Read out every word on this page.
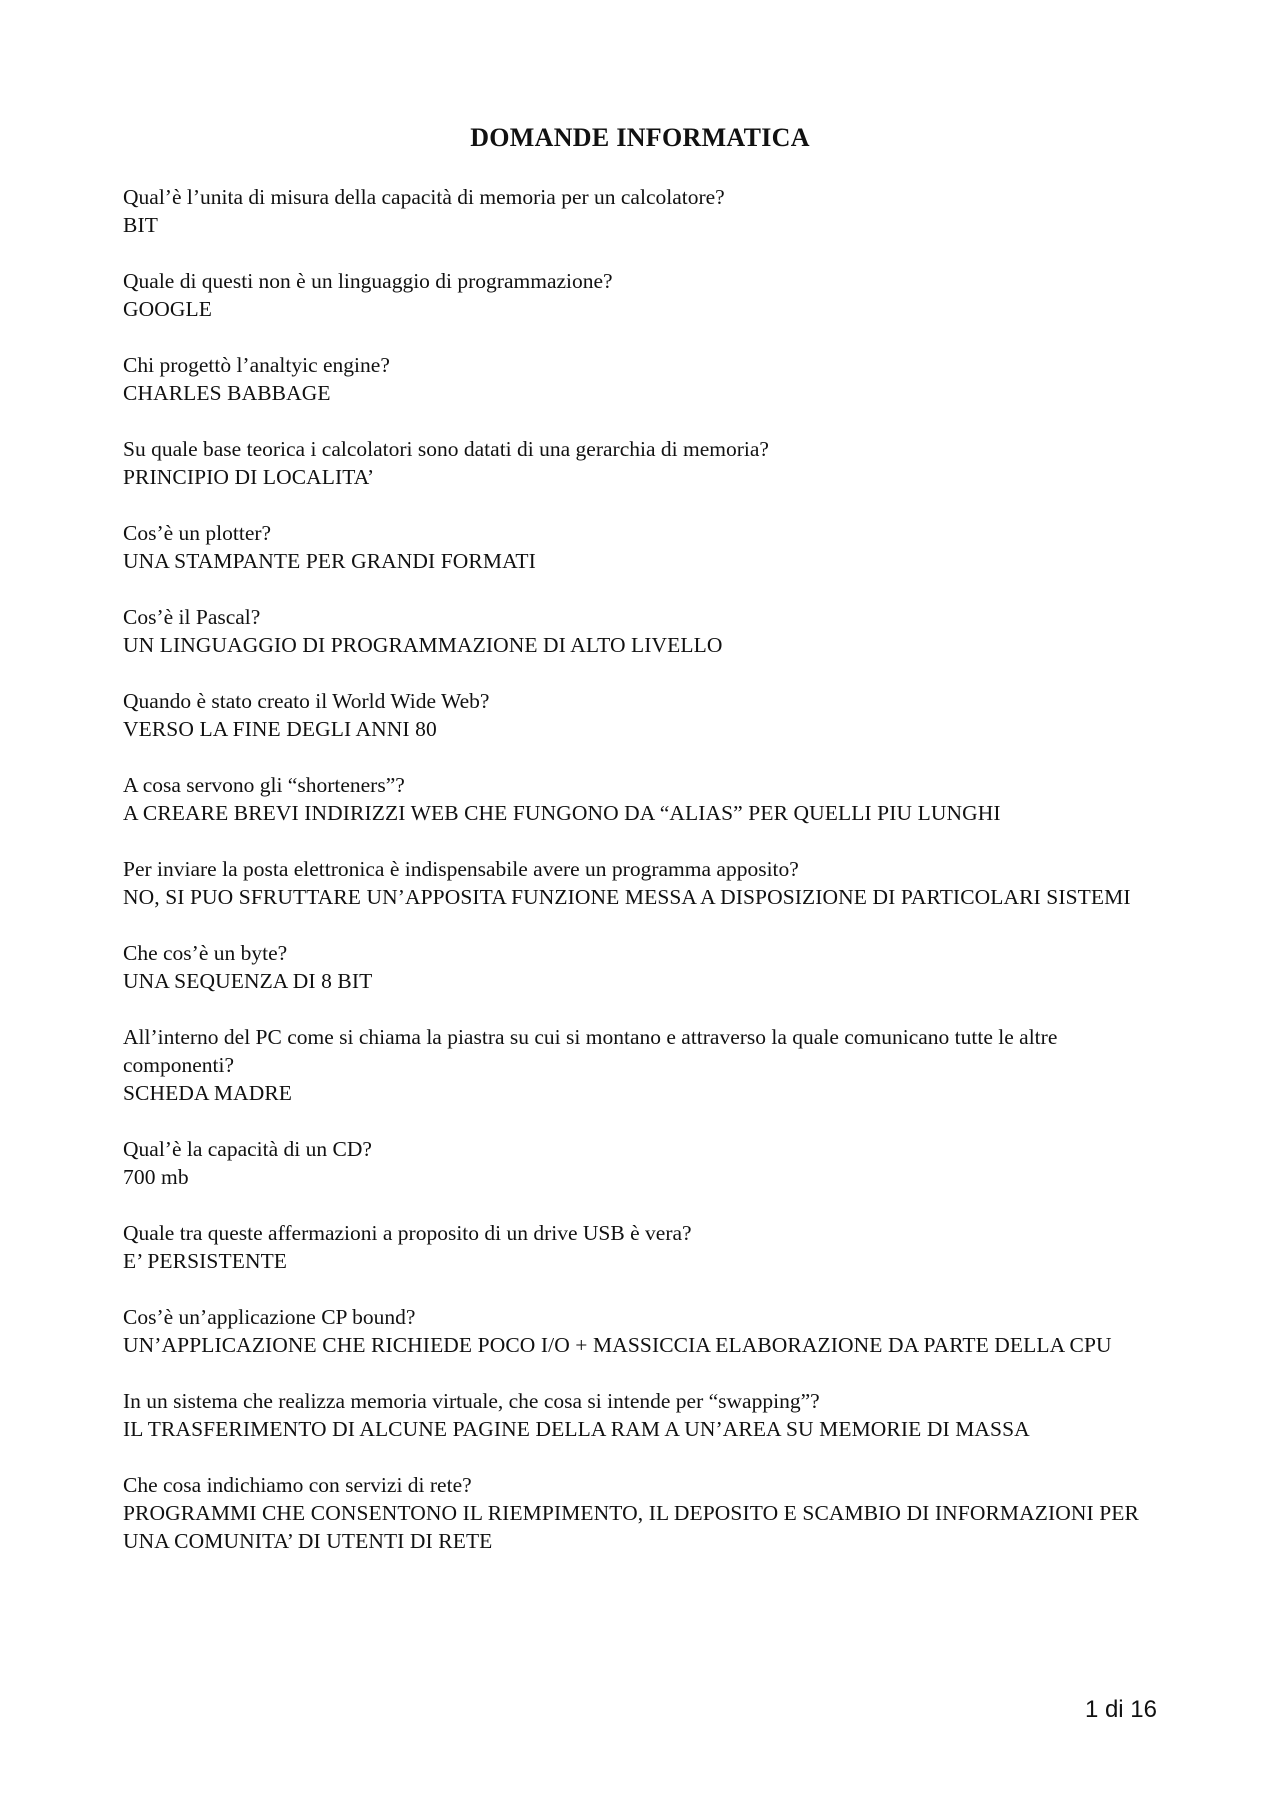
DOMANDE INFORMATICA

Qual’è l’unita di misura della capacità di memoria per un calcolatore?

BIT

Quale di questi non è un linguaggio di programmazione?

GOOGLE

Chi progettò l’analtyic engine?

CHARLES BABBAGE

Su quale base teorica i calcolatori sono datati di una gerarchia di memoria?

PRINCIPIO DI LOCALITA’

Cos’è un plotter?

UNA STAMPANTE PER GRANDI FORMATI

Cos’è il Pascal?

UN LINGUAGGIO DI PROGRAMMAZIONE DI ALTO LIVELLO

Quando è stato creato il World Wide Web?

VERSO LA FINE DEGLI ANNI 80

A cosa servono gli “shorteners”?

A CREARE BREVI INDIRIZZI WEB CHE FUNGONO DA “ALIAS” PER QUELLI PIU LUNGHI

Per inviare la posta elettronica è indispensabile avere un programma apposito?

NO, SI PUO SFRUTTARE UN’APPOSITA FUNZIONE MESSA A DISPOSIZIONE DI PARTICOLARI SISTEMI

Che cos’è un byte?

UNA SEQUENZA DI 8 BIT

All’interno del PC come si chiama la piastra su cui si montano e attraverso la quale comunicano tutte le altre componenti?

SCHEDA MADRE

Qual’è la capacità di un CD?

700 mb

Quale tra queste affermazioni a proposito di un drive USB è vera?

E’ PERSISTENTE

Cos’è un’applicazione CP bound?

UN’APPLICAZIONE CHE RICHIEDE POCO I/O + MASSICCIA ELABORAZIONE DA PARTE DELLA CPU

In un sistema che realizza memoria virtuale, che cosa si intende per “swapping”?

IL TRASFERIMENTO DI ALCUNE PAGINE DELLA RAM A UN’AREA SU MEMORIE DI MASSA

Che cosa indichiamo con servizi di rete?

PROGRAMMI CHE CONSENTONO IL RIEMPIMENTO, IL DEPOSITO E SCAMBIO DI INFORMAZIONI PER UNA COMUNITA’ DI UTENTI DI RETE

1 di 16
